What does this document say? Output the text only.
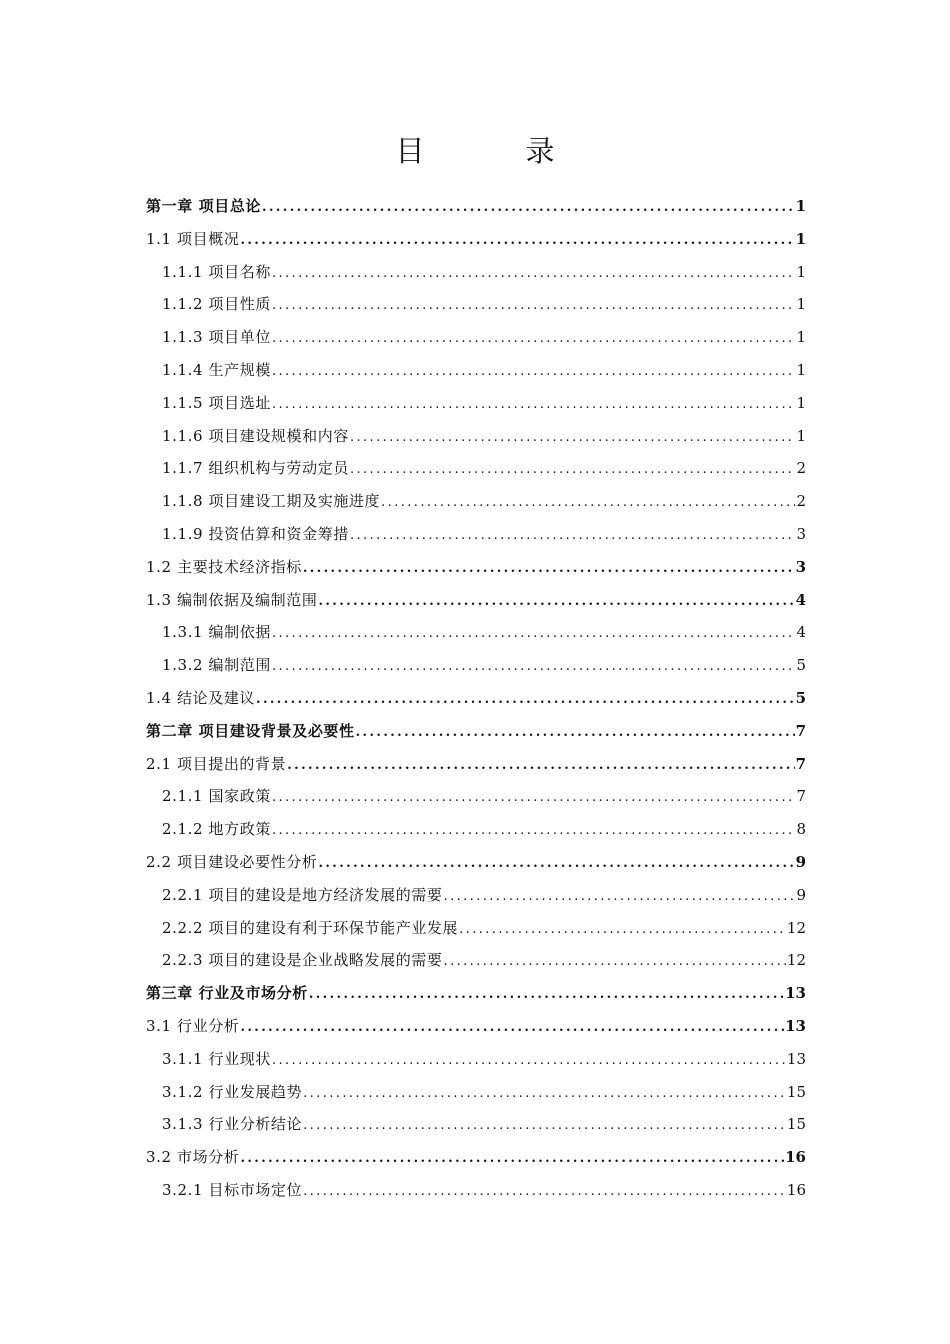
目　录
第一章 项目总论 .....	1
1.1 项目概况 .....	1
1.1.1 项目名称 .....	1
1.1.2 项目性质 .....	1
1.1.3 项目单位 .....	1
1.1.4 生产规模 .....	1
1.1.5 项目选址 .....	1
1.1.6 项目建设规模和内容 .....	1
1.1.7 组织机构与劳动定员 .....	2
1.1.8 项目建设工期及实施进度 .....	2
1.1.9 投资估算和资金筹措 .....	3
1.2 主要技术经济指标 .....	3
1.3 编制依据及编制范围 .....	4
1.3.1 编制依据 .....	4
1.3.2 编制范围 .....	5
1.4 结论及建议 .....	5
第二章 项目建设背景及必要性 .....	7
2.1 项目提出的背景 .....	7
2.1.1 国家政策 .....	7
2.1.2 地方政策 .....	8
2.2 项目建设必要性分析 .....	9
2.2.1 项目的建设是地方经济发展的需要 .....	9
2.2.2 项目的建设有利于环保节能产业发展 .....	12
2.2.3 项目的建设是企业战略发展的需要 .....	12
第三章 行业及市场分析 .....	13
3.1 行业分析 .....	13
3.1.1 行业现状 .....	13
3.1.2 行业发展趋势 .....	15
3.1.3 行业分析结论 .....	15
3.2 市场分析 .....	16
3.2.1 目标市场定位 .....	16
